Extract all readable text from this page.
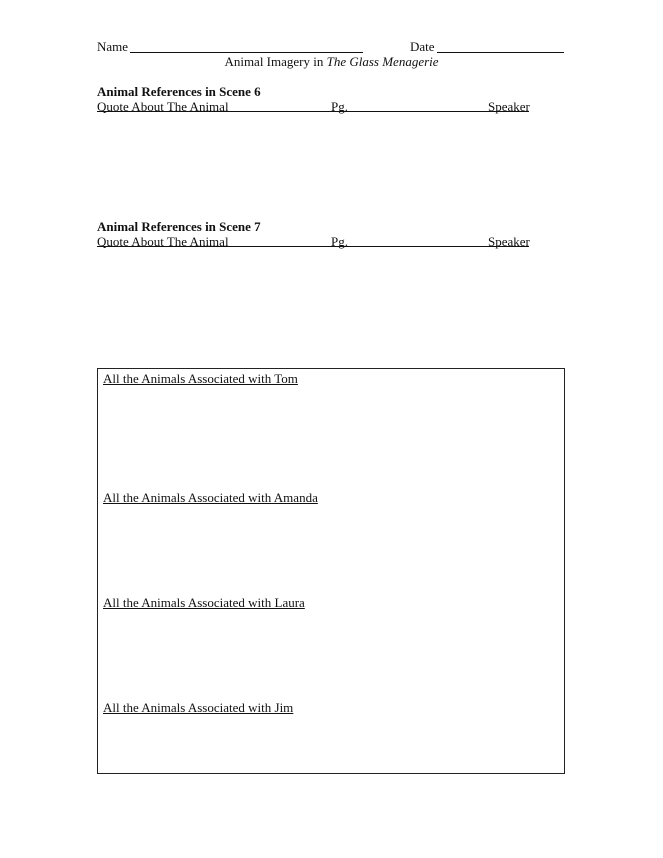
Name	Date
Animal Imagery in The Glass Menagerie
Animal References in Scene 6
Quote About The Animal	Pg.	Speaker
Animal References in Scene 7
Quote About The Animal	Pg.	Speaker
All the Animals Associated with Tom
All the Animals Associated with Amanda
All the Animals Associated with Laura
All the Animals Associated with Jim
